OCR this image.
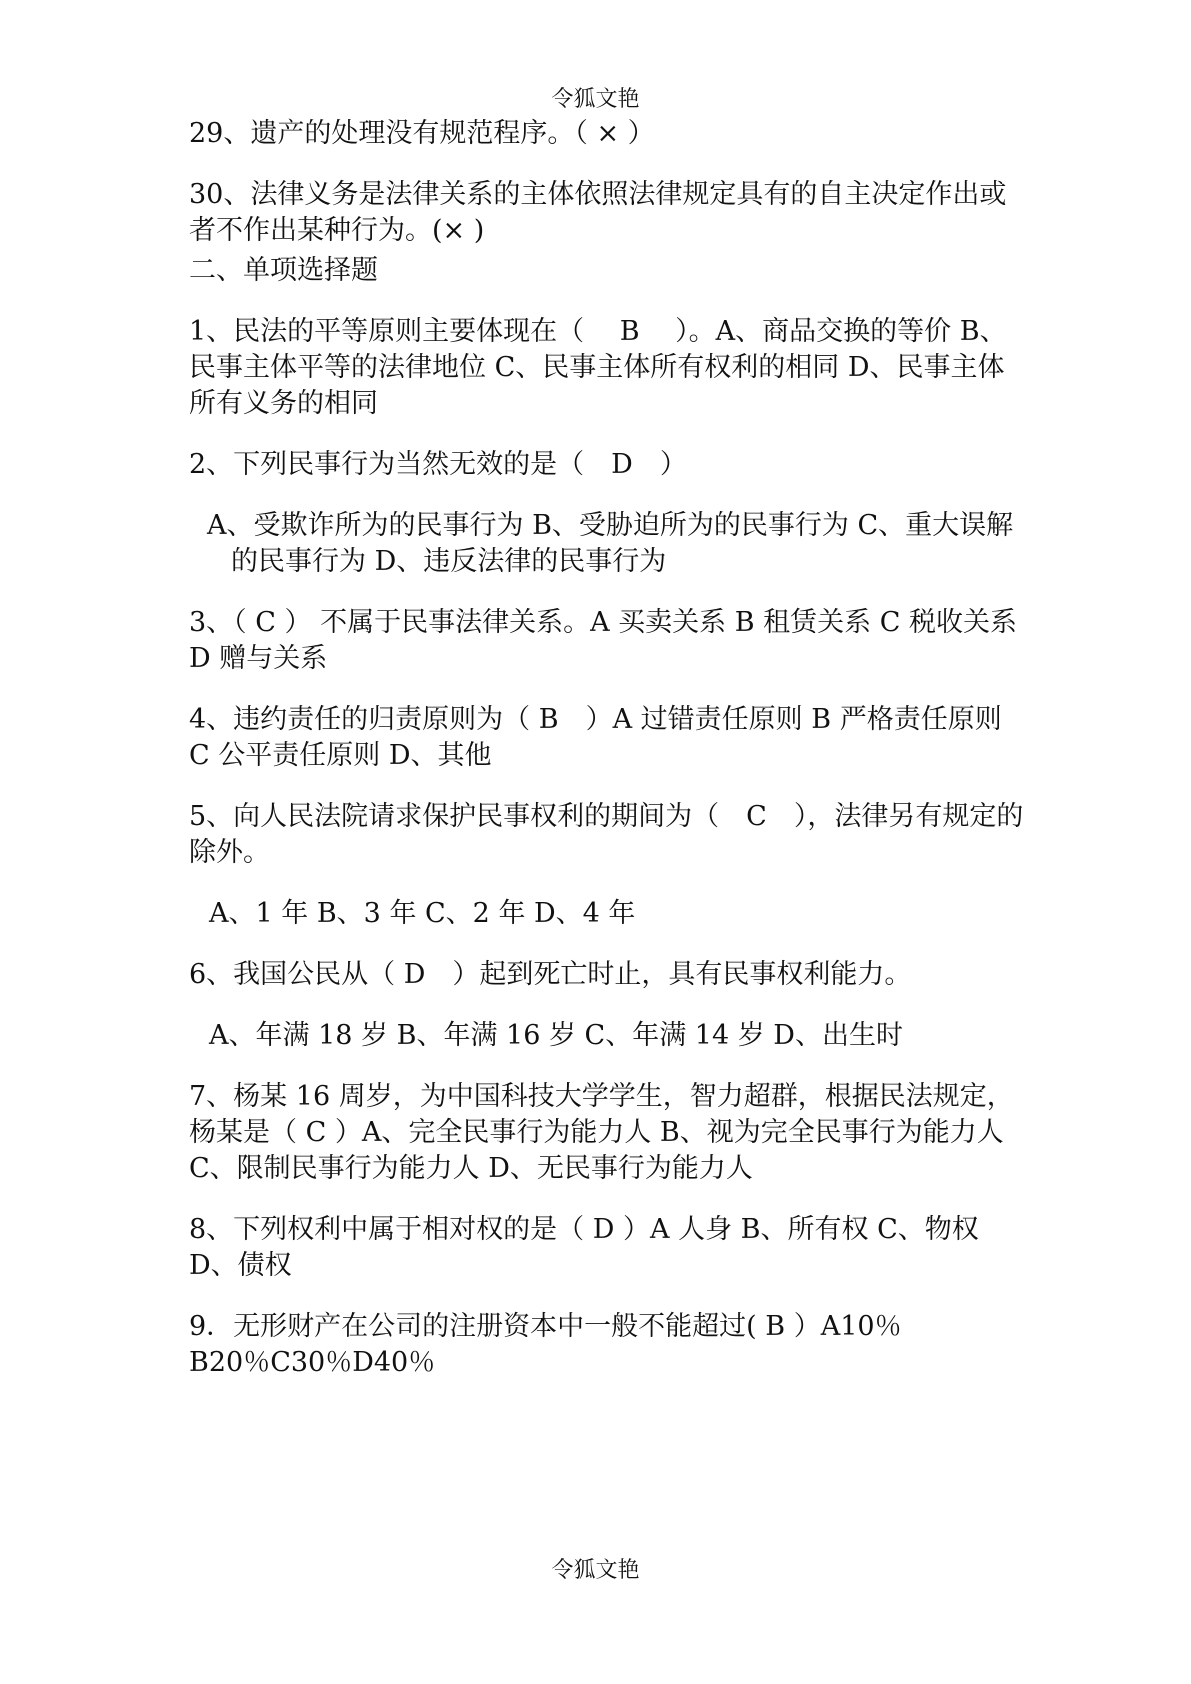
令狐文艳

29、遗产的处理没有规范程序。（ × ）

30、法律义务是法律关系的主体依照法律规定具有的自主决定作出或者不作出某种行为。(× )

二、单项选择题

1、民法的平等原则主要体现在（　 B　 ）。A、商品交换的等价 B、民事主体平等的法律地位 C、民事主体所有权利的相同 D、民事主体所有义务的相同

2、下列民事行为当然无效的是（　D　）

A、受欺诈所为的民事行为 B、受胁迫所为的民事行为 C、重大误解的民事行为 D、违反法律的民事行为

3、（ C ） 不属于民事法律关系。A 买卖关系 B 租赁关系 C 税收关系 D 赠与关系

4、违约责任的归责原则为（ B　）A 过错责任原则 B 严格责任原则 C 公平责任原则 D、其他

5、向人民法院请求保护民事权利的期间为（　C　），法律另有规定的除外。

A、1 年 B、3 年 C、2 年 D、4 年

6、我国公民从（ D　）起到死亡时止，具有民事权利能力。

A、年满 18 岁 B、年满 16 岁 C、年满 14 岁 D、出生时

7、杨某 16 周岁，为中国科技大学学生，智力超群，根据民法规定，杨某是（ C ）A、完全民事行为能力人 B、视为完全民事行为能力人 C、限制民事行为能力人 D、无民事行为能力人

8、下列权利中属于相对权的是（ D ）A 人身 B、所有权 C、物权 D、债权

9．无形财产在公司的注册资本中一般不能超过( B ）A10％ B20％C30％D40％

令狐文艳
